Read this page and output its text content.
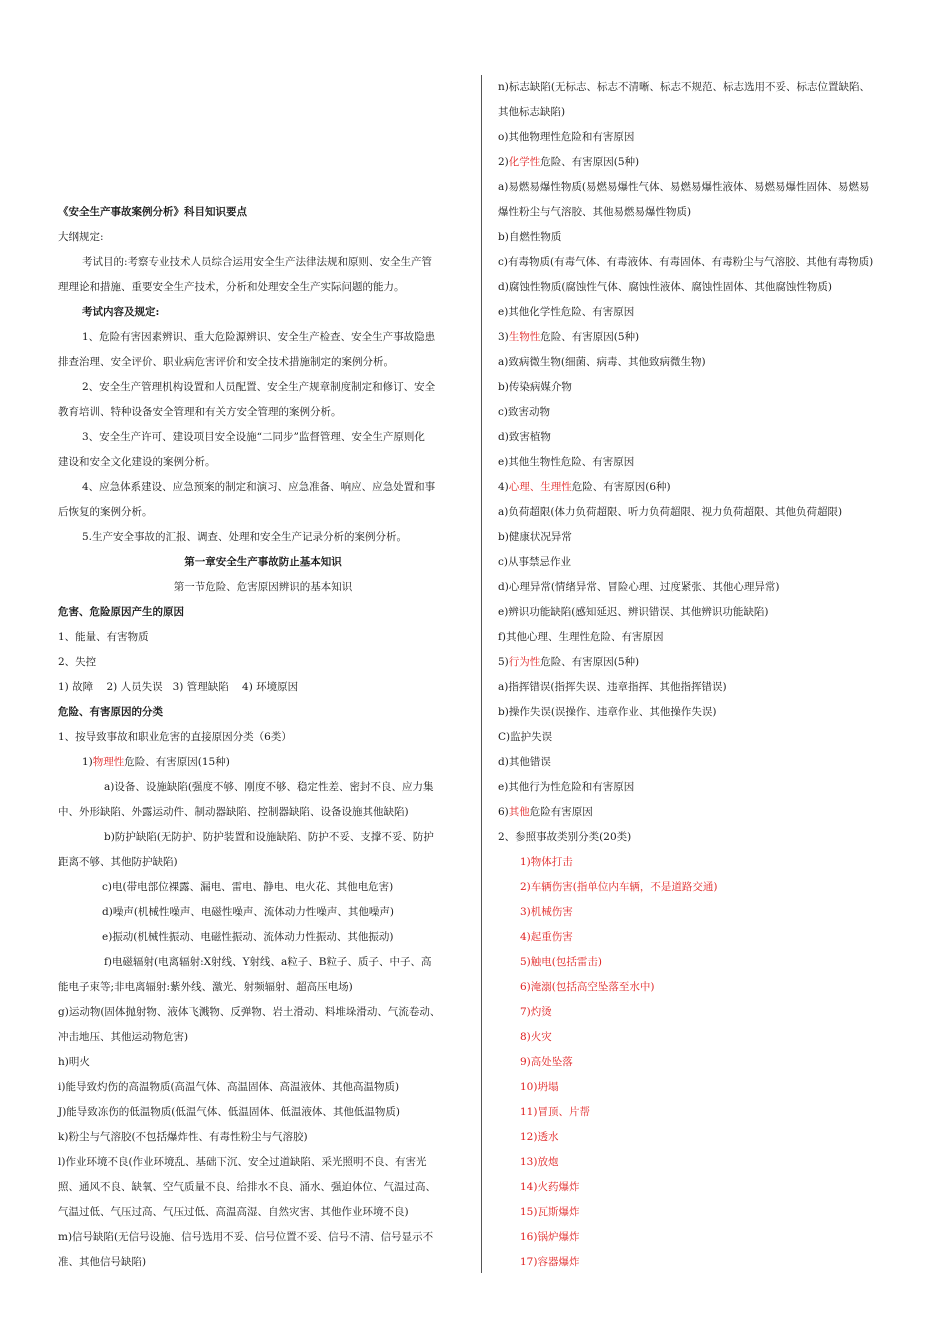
《安全生产事故案例分析》科目知识要点
大纲规定:
考试目的:考察专业技术人员综合运用安全生产法律法规和原则、安全生产管
理理论和措施、重要安全生产技术，分析和处理安全生产实际问题的能力。
考试内容及规定:
1、危险有害因素辨识、重大危险源辨识、安全生产检查、安全生产事故隐患
排查治理、安全评价、职业病危害评价和安全技术措施制定的案例分析。
2、安全生产管理机构设置和人员配置、安全生产规章制度制定和修订、安全
教育培训、特种设备安全管理和有关方安全管理的案例分析。
3、安全生产许可、建设项目安全设施“二同步”监督管理、安全生产原则化
建设和安全文化建设的案例分析。
4、应急体系建设、应急预案的制定和演习、应急准备、响应、应急处置和事
后恢复的案例分析。
5.生产安全事故的汇报、调查、处理和安全生产记录分析的案例分析。
第一章安全生产事故防止基本知识
第一节危险、危害原因辨识的基本知识
危害、危险原因产生的原因
1、能量、有害物质
2、失控
1) 故障    2) 人员失误   3) 管理缺陷    4) 环境原因
危险、有害原因的分类
1、按导致事故和职业危害的直接原因分类（6类）
1)物理性危险、有害原因(15种)
a)设备、设施缺陷(强度不够、刚度不够、稳定性差、密封不良、应力集
中、外形缺陷、外露运动件、制动器缺陷、控制器缺陷、设备设施其他缺陷)
b)防护缺陷(无防护、防护装置和设施缺陷、防护不妥、支撑不妥、防护
距离不够、其他防护缺陷)
c)电(带电部位裸露、漏电、雷电、静电、电火花、其他电危害)
d)噪声(机械性噪声、电磁性噪声、流体动力性噪声、其他噪声)
e)振动(机械性振动、电磁性振动、流体动力性振动、其他振动)
f)电磁辐射(电离辐射:X射线、Y射线、a粒子、B粒子、质子、中子、高
能电子束等;非电离辐射:紫外线、激光、射频辐射、超高压电场)
g)运动物(固体抛射物、液体飞溅物、反弹物、岩土滑动、料堆垛滑动、气流卷动、
冲击地压、其他运动物危害)
h)明火
i)能导致灼伤的高温物质(高温气体、高温固体、高温液体、其他高温物质)
J)能导致冻伤的低温物质(低温气体、低温固体、低温液体、其他低温物质)
k)粉尘与气溶胶(不包括爆炸性、有毒性粉尘与气溶胶)
l)作业环境不良(作业环境乱、基础下沉、安全过道缺陷、采光照明不良、有害光
照、通风不良、缺氧、空气质量不良、给排水不良、涌水、强迫体位、气温过高、
气温过低、气压过高、气压过低、高温高湿、自然灾害、其他作业环境不良)
m)信号缺陷(无信号设施、信号选用不妥、信号位置不妥、信号不清、信号显示不
准、其他信号缺陷)
n)标志缺陷(无标志、标志不清晰、标志不规范、标志选用不妥、标志位置缺陷、
其他标志缺陷)
o)其他物理性危险和有害原因
2)化学性危险、有害原因(5种)
a)易燃易爆性物质(易燃易爆性气体、易燃易爆性液体、易燃易爆性固体、易燃易
爆性粉尘与气溶胶、其他易燃易爆性物质)
b)自燃性物质
c)有毒物质(有毒气体、有毒液体、有毒固体、有毒粉尘与气溶胶、其他有毒物质)
d)腐蚀性物质(腐蚀性气体、腐蚀性液体、腐蚀性固体、其他腐蚀性物质)
e)其他化学性危险、有害原因
3)生物性危险、有害原因(5种)
a)致病微生物(细菌、病毒、其他致病微生物)
b)传染病媒介物
c)致害动物
d)致害植物
e)其他生物性危险、有害原因
4)心理、生理性危险、有害原因(6种)
a)负荷超限(体力负荷超限、听力负荷超限、视力负荷超限、其他负荷超限)
b)健康状况异常
c)从事禁忌作业
d)心理异常(情绪异常、冒险心理、过度紧张、其他心理异常)
e)辨识功能缺陷(感知延迟、辨识错误、其他辨识功能缺陷)
f)其他心理、生理性危险、有害原因
5)行为性危险、有害原因(5种)
a)指挥错误(指挥失误、违章指挥、其他指挥错误)
b)操作失误(误操作、违章作业、其他操作失误)
C)监护失误
d)其他错误
e)其他行为性危险和有害原因
6)其他危险有害原因
2、参照事故类别分类(20类)
1)物体打击
2)车辆伤害(指单位内车辆，不是道路交通)
3)机械伤害
4)起重伤害
5)触电(包括雷击)
6)淹溺(包括高空坠落至水中)
7)灼烫
8)火灾
9)高处坠落
10)坍塌
11)冒顶、片帮
12)透水
13)放炮
14)火药爆炸
15)瓦斯爆炸
16)锅炉爆炸
17)容器爆炸
